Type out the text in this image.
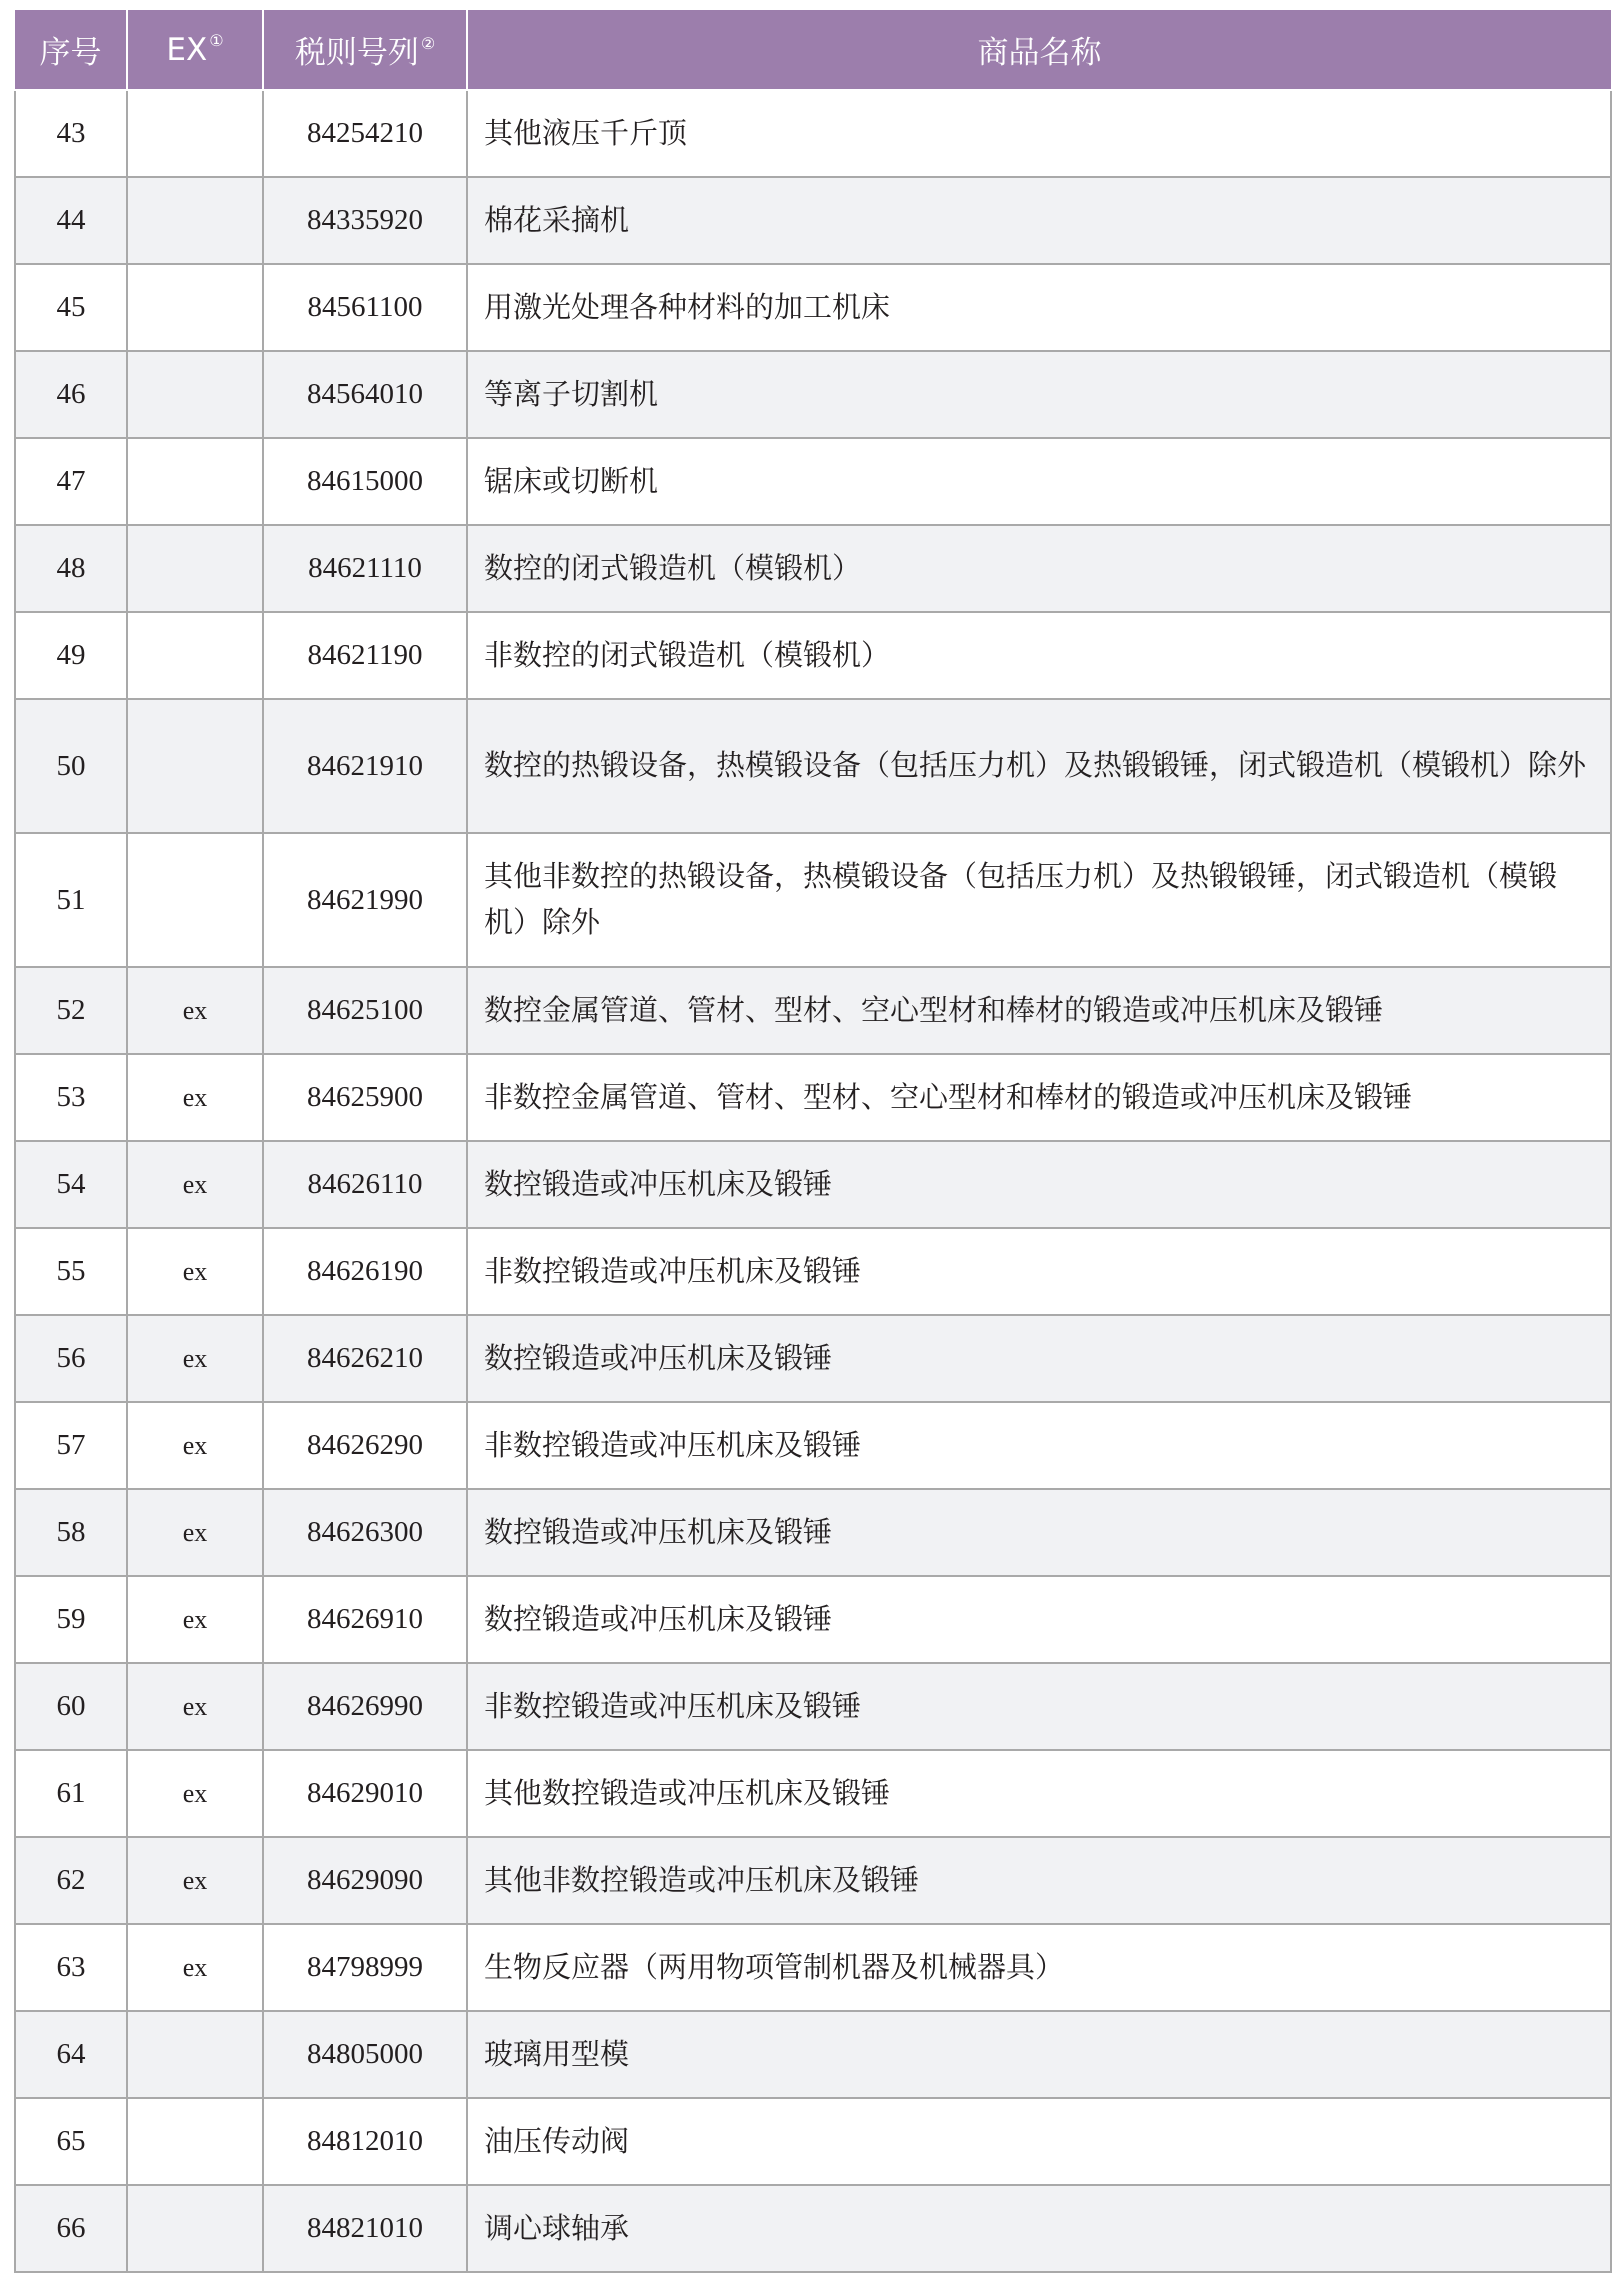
序号	EX ①	税则号列 ②	商品名称
43		84254210	其他液压千斤顶
44		84335920	棉花采摘机
45		84561100	用激光处理各种材料的加工机床
46		84564010	等离子切割机
47		84615000	锯床或切断机
48		84621110	数控的闭式锻造机（模锻机）
49		84621190	非数控的闭式锻造机（模锻机）
50		84621910	数控的热锻设备，热模锻设备（包括压力机）及热锻锻锤，闭式锻造机（模锻机）除外
51		84621990	其他非数控的热锻设备，热模锻设备（包括压力机）及热锻锻锤，闭式锻造机（模锻机）除外
52	ex	84625100	数控金属管道、管材、型材、空心型材和棒材的锻造或冲压机床及锻锤
53	ex	84625900	非数控金属管道、管材、型材、空心型材和棒材的锻造或冲压机床及锻锤
54	ex	84626110	数控锻造或冲压机床及锻锤
55	ex	84626190	非数控锻造或冲压机床及锻锤
56	ex	84626210	数控锻造或冲压机床及锻锤
57	ex	84626290	非数控锻造或冲压机床及锻锤
58	ex	84626300	数控锻造或冲压机床及锻锤
59	ex	84626910	数控锻造或冲压机床及锻锤
60	ex	84626990	非数控锻造或冲压机床及锻锤
61	ex	84629010	其他数控锻造或冲压机床及锻锤
62	ex	84629090	其他非数控锻造或冲压机床及锻锤
63	ex	84798999	生物反应器（两用物项管制机器及机械器具）
64		84805000	玻璃用型模
65		84812010	油压传动阀
66		84821010	调心球轴承
